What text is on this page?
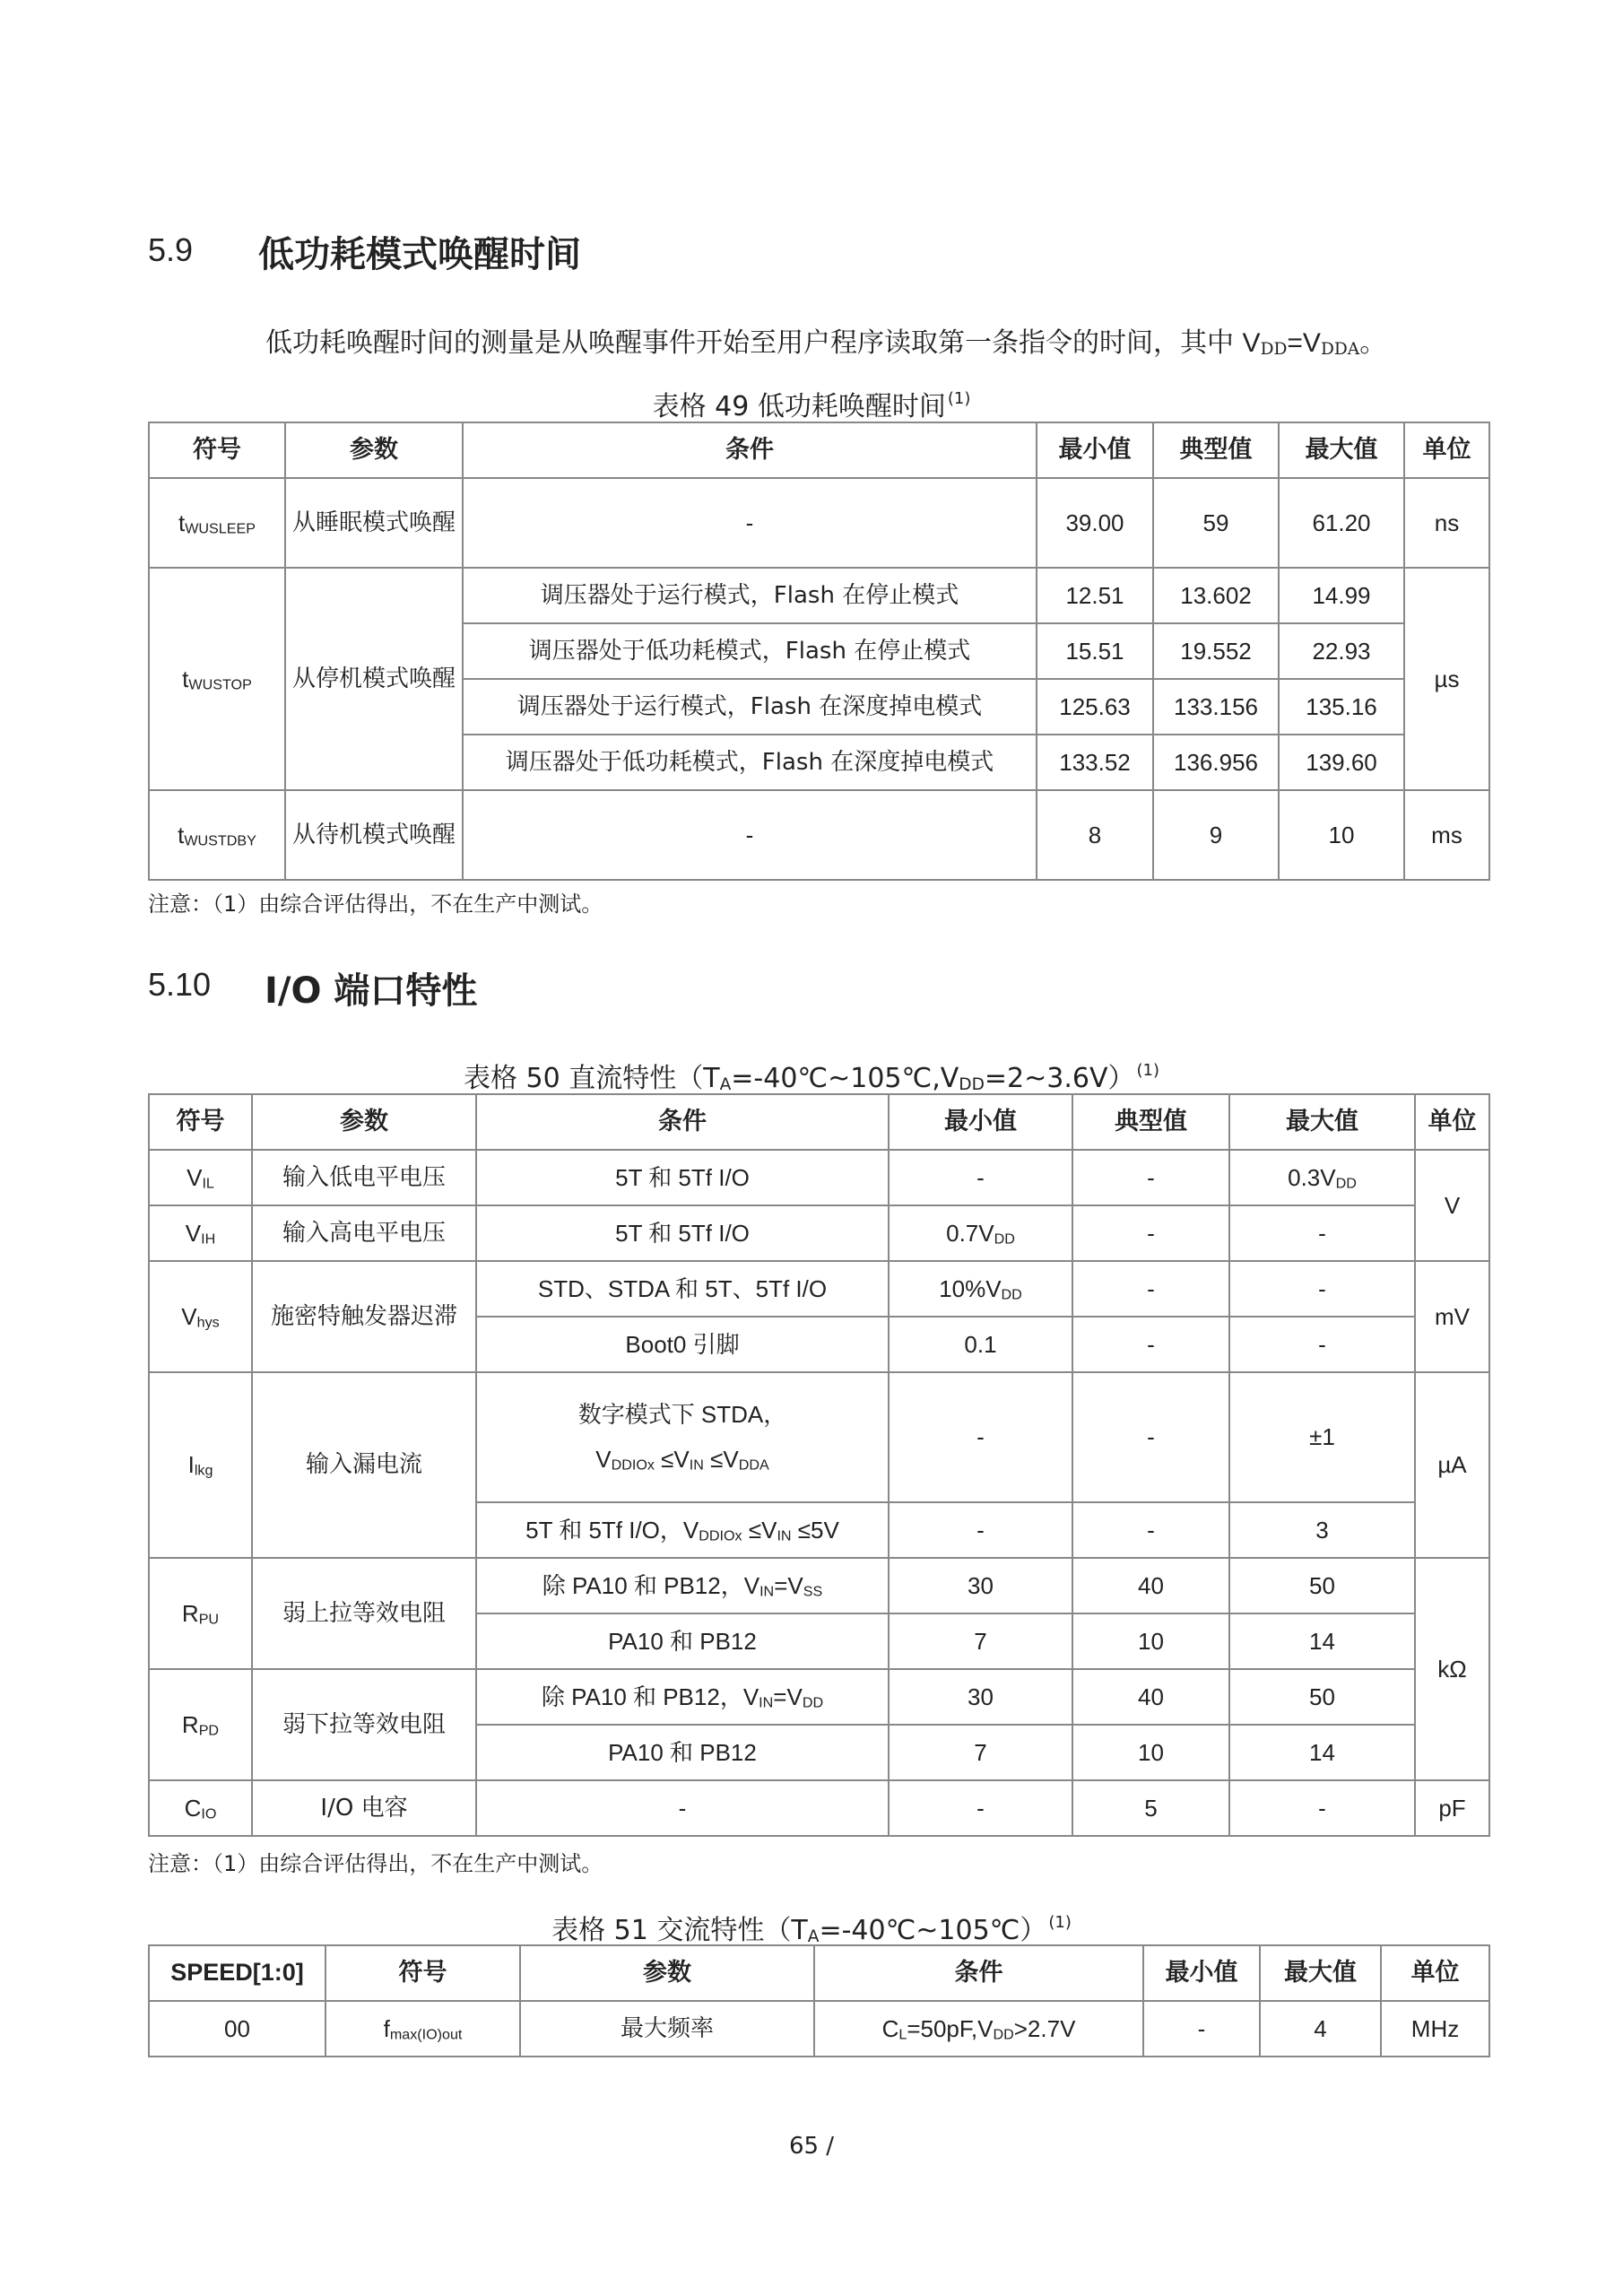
5.9 低功耗模式唤醒时间
低功耗唤醒时间的测量是从唤醒事件开始至用户程序读取第一条指令的时间，其中 $V_{DD}=V_{DDA}$。
表格 49 低功耗唤醒时间 $^{(1)}$
符号	参数	条件	最小值	典型值	最大值	单位
$t_{WUSLEEP}$	从睡眠模式唤醒	-	39.00	59	61.20	ns
$t_{WUSTOP}$	从停机模式唤醒	调压器处于运行模式，Flash 在停止模式	12.51	13.602	14.99	µs
		调压器处于低功耗模式，Flash 在停止模式	15.51	19.552	22.93	
		调压器处于运行模式，Flash 在深度掉电模式	125.63	133.156	135.16	
		调压器处于低功耗模式，Flash 在深度掉电模式	133.52	136.956	139.60	
$t_{WUSTDBY}$	从待机模式唤醒	-	8	9	10	ms
注意：（1）由综合评估得出，不在生产中测试。
5.10 I/O 端口特性
表格 50 直流特性$(T_A=-40℃\sim 105℃,V_{DD}=2\sim 3.6V)$ $^{(1)}$
符号	参数	条件	最小值	典型值	最大值	单位
$V_{IL}$	输入低电平电压	5T 和 5Tf I/O	-	-	$0.3V_{DD}$	V
$V_{IH}$	输入高电平电压	5T 和 5Tf I/O	$0.7V_{DD}$	-	-	
$V_{hys}$	施密特触发器迟滞	STD、STDA 和 5T、5Tf I/O	$10\%V_{DD}$	-	-	mV
		Boot0 引脚	0.1	-	-	
$I_{lkg}$	输入漏电流	数字模式下 STDA，
$V_{DDIOx} \le V_{IN} \le V_{DDA}$	-	-	±1	µA
		5T 和 5Tf I/O，$V_{DDIOx} \le V_{IN} \le 5V$	-	-	3	
$R_{PU}$	弱上拉等效电阻	除 PA10 和 PB12，$V_{IN}=V_{SS}$	30	40	50	kΩ
		PA10 和 PB12	7	10	14	
$R_{PD}$	弱下拉等效电阻	除 PA10 和 PB12，$V_{IN}=V_{DD}$	30	40	50	
		PA10 和 PB12	7	10	14	
$C_{IO}$	I/O 电容	-	-	5	-	pF
注意：（1）由综合评估得出，不在生产中测试。
表格 51 交流特性$(T_A=-40℃\sim 105℃)$ $^{(1)}$
SPEED[1:0]	符号	参数	条件	最小值	最大值	单位
00	$f_{max(IO)out}$	最大频率	$C_L=50pF,V_{DD}>2.7V$	-	4	MHz
65 /
